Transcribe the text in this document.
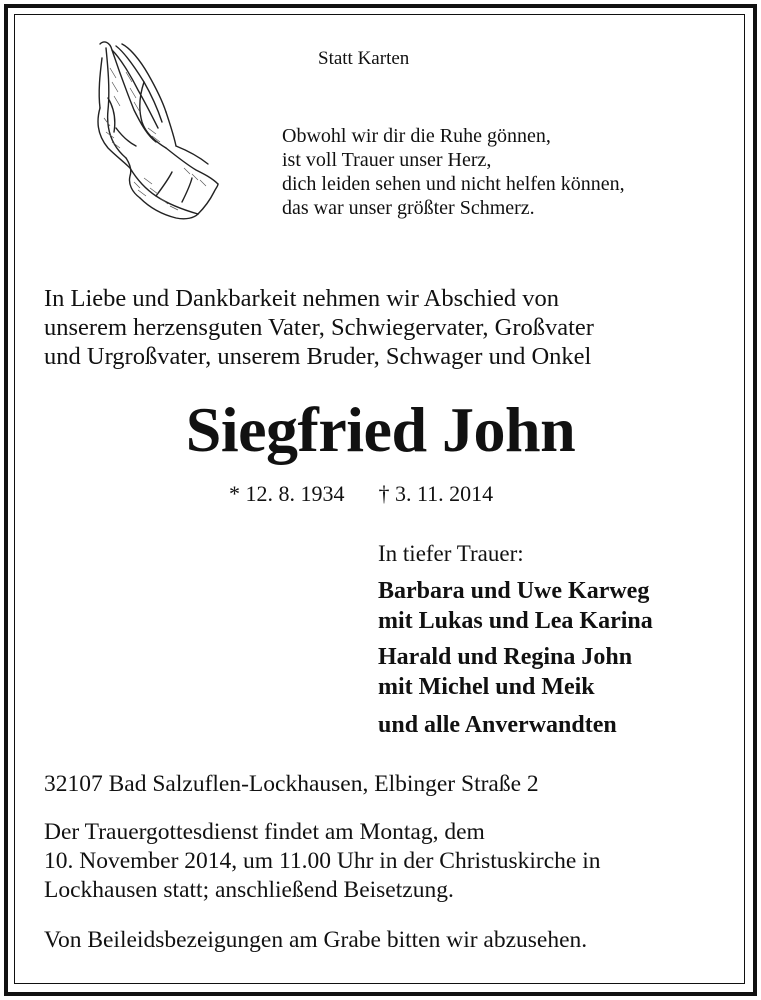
Statt Karten
Obwohl wir dir die Ruhe gönnen,
ist voll Trauer unser Herz,
dich leiden sehen und nicht helfen können,
das war unser größter Schmerz.
In Liebe und Dankbarkeit nehmen wir Abschied von
unserem herzensguten Vater, Schwiegervater, Großvater
und Urgroßvater, unserem Bruder, Schwager und Onkel
Siegfried John
* 12. 8. 1934 † 3. 11. 2014
In tiefer Trauer:
Barbara und Uwe Karweg
mit Lukas und Lea Karina
Harald und Regina John
mit Michel und Meik
und alle Anverwandten
32107 Bad Salzuflen-Lockhausen, Elbinger Straße 2
Der Trauergottesdienst findet am Montag, dem
10. November 2014, um 11.00 Uhr in der Christuskirche in
Lockhausen statt; anschließend Beisetzung.
Von Beileidsbezeigungen am Grabe bitten wir abzusehen.
